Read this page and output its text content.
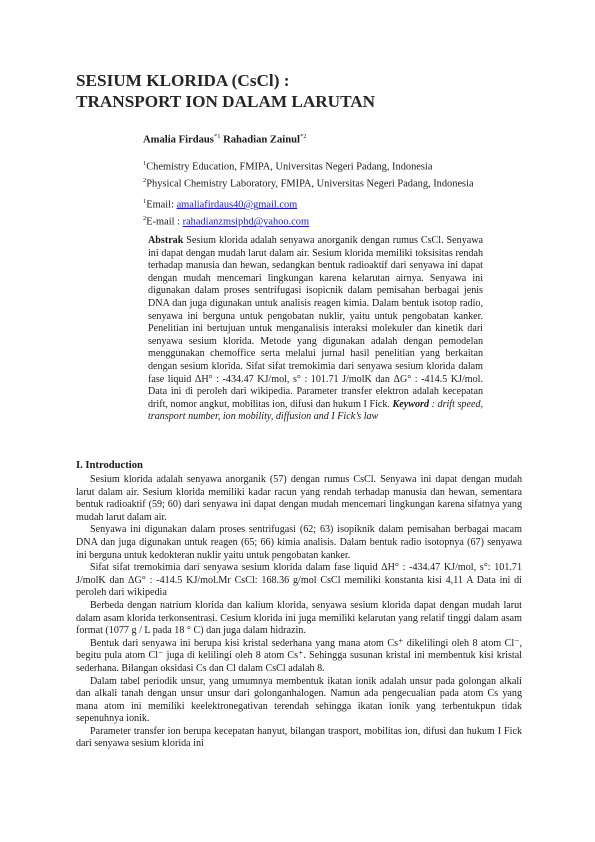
SESIUM KLORIDA (CsCl) :
TRANSPORT ION DALAM LARUTAN
Amalia Firdaus$^{*1}$ Rahadian Zainul$^{*2}$
$^1$Chemistry Education, FMIPA, Universitas Negeri Padang, Indonesia
$^2$Physical Chemistry Laboratory, FMIPA, Universitas Negeri Padang, Indonesia
$^1$Email: amaliafirdaus40@gmail.com
$^2$E-mail : rahadianzmsiphd@yahoo.com
Abstrak Sesium klorida adalah senyawa anorganik dengan rumus CsCl. Senyawa ini dapat dengan mudah larut dalam air. Sesium klorida memiliki toksisitas rendah terhadap manusia dan hewan, sedangkan bentuk radioaktif dari senyawa ini dapat dengan mudah mencemari lingkungan karena kelarutan airnya. Senyawa ini digunakan dalam proses sentrifugasi isopicnik dalam pemisahan berbagai jenis DNA dan juga digunakan untuk analisis reagen kimia. Dalam bentuk isotop radio, senyawa ini berguna untuk pengobatan nuklir, yaitu untuk pengobatan kanker. Penelitian ini bertujuan untuk menganalisis interaksi molekuler dan kinetik dari senyawa sesium klorida. Metode yang digunakan adalah dengan pemodelan menggunakan chemoffice serta melalui jurnal hasil penelitian yang berkaitan dengan sesium klorida. Sifat sifat tremokimia dari senyawa sesium klorida dalam fase liquid ΔH° : -434.47 KJ/mol, s° : 101.71 J/molK dan ΔG° : -414.5 KJ/mol. Data ini di peroleh dari wikipedia. Parameter transfer elektron adalah kecepatan drift, nomor angkut, mobilitas ion, difusi dan hukum I Fick. Keyword : drift speed, transport number, ion mobility, diffusion and I Fick’s law
I. Introduction

Sesium klorida adalah senyawa anorganik (57) dengan rumus CsCl. Senyawa ini dapat dengan mudah larut dalam air. Sesium klorida memiliki kadar racun yang rendah terhadap manusia dan hewan, sementara bentuk radioaktif (59; 60) dari senyawa ini dapat dengan mudah mencemari lingkungan karena sifatnya yang mudah larut dalam air.

Senyawa ini digunakan dalam proses sentrifugasi (62; 63) isopiknik dalam pemisahan berbagai macam DNA dan juga digunakan untuk reagen (65; 66) kimia analisis. Dalam bentuk radio isotopnya (67) senyawa ini berguna untuk kedokteran nuklir yaitu untuk pengobatan kanker.

Sifat sifat tremokimia dari senyawa sesium klorida dalam fase liquid ΔH° : -434.47 KJ/mol, s°: 101.71 J/molK dan ΔG° : -414.5 KJ/mol.Mr CsCl: 168.36 g/mol CsCl memiliki konstanta kisi 4,11 A Data ini di peroleh dari wikipedia

Berbeda dengan natrium klorida dan kalium klorida, senyawa sesium klorida dapat dengan mudah larut dalam asam klorida terkonsentrasi. Cesium klorida ini juga memiliki kelarutan yang relatif tinggi dalam asam format (1077 g / L pada 18 ° C) dan juga dalam hidrazin.

Bentuk dari senyawa ini berupa kisi kristal sederhana yang mana atom Cs⁺ dikelilingi oleh 8 atom Cl⁻, begitu pula atom Cl⁻ juga di kelilingi oleh 8 atom Cs⁺. Sehingga susunan kristal ini membentuk kisi kristal sederhana. Bilangan oksidasi Cs dan Cl dalam CsCl adalah 8.

Dalam tabel periodik unsur, yang umumnya membentuk ikatan ionik adalah unsur pada golongan alkali dan alkali tanah dengan unsur unsur dari golonganhalogen. Namun ada pengecualian pada atom Cs yang mana atom ini memiliki keelektronegativan terendah sehingga ikatan ionik yang terbentukpun tidak sepenuhnya ionik.

Parameter transfer ion berupa kecepatan hanyut, bilangan trasport, mobilitas ion, difusi dan hukum I Fick dari senyawa sesium klorida ini
